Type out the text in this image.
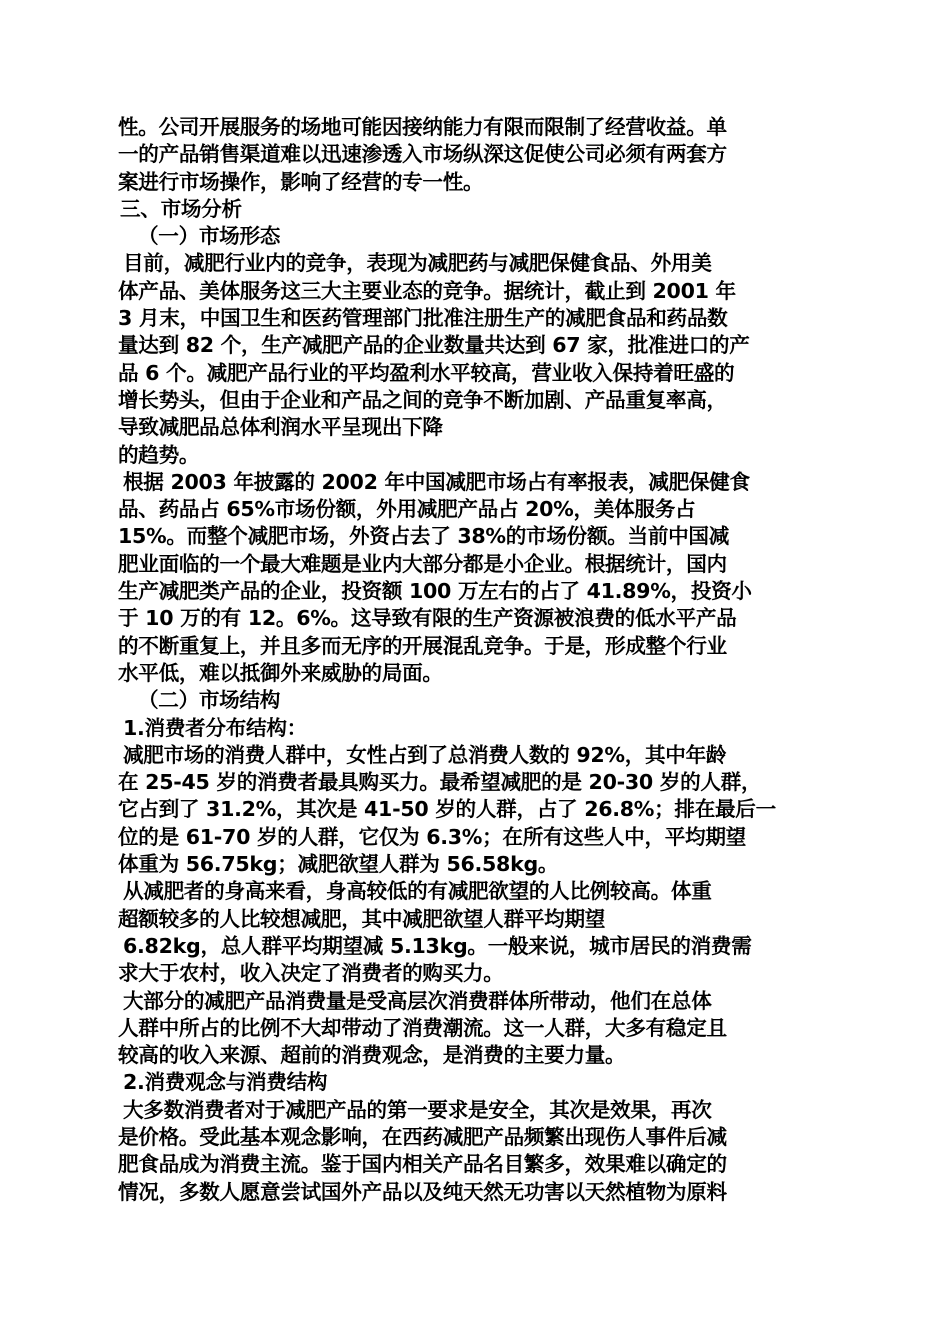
性。公司开展服务的场地可能因接纳能力有限而限制了经营收益。单
一的产品销售渠道难以迅速渗透入市场纵深这促使公司必须有两套方
案进行市场操作，影响了经营的专一性。
三、市场分析
（一）市场形态
目前，减肥行业内的竞争，表现为减肥药与减肥保健食品、外用美
体产品、美体服务这三大主要业态的竞争。据统计，截止到 2001 年
3 月末，中国卫生和医药管理部门批准注册生产的减肥食品和药品数
量达到 82 个，生产减肥产品的企业数量共达到 67 家，批准进口的产
品 6 个。减肥产品行业的平均盈利水平较高，营业收入保持着旺盛的
增长势头，但由于企业和产品之间的竞争不断加剧、产品重复率高，
导致减肥品总体利润水平呈现出下降
的趋势。
根据 2003 年披露的 2002 年中国减肥市场占有率报表，减肥保健食
品、药品占 65%市场份额，外用减肥产品占 20%，美体服务占
15%。而整个减肥市场，外资占去了 38%的市场份额。当前中国减
肥业面临的一个最大难题是业内大部分都是小企业。根据统计，国内
生产减肥类产品的企业，投资额 100 万左右的占了 41.89%，投资小
于 10 万的有 12。6%。这导致有限的生产资源被浪费的低水平产品
的不断重复上，并且多而无序的开展混乱竞争。于是，形成整个行业
水平低，难以抵御外来威胁的局面。
（二）市场结构
1.消费者分布结构：
减肥市场的消费人群中，女性占到了总消费人数的 92%，其中年龄
在 25-45 岁的消费者最具购买力。最希望减肥的是 20-30 岁的人群，
它占到了 31.2%，其次是 41-50 岁的人群，占了 26.8%；排在最后一
位的是 61-70 岁的人群，它仅为 6.3%；在所有这些人中，平均期望
体重为 56.75kg；减肥欲望人群为 56.58kg。
从减肥者的身高来看，身高较低的有减肥欲望的人比例较高。体重
超额较多的人比较想减肥，其中减肥欲望人群平均期望
6.82kg，总人群平均期望减 5.13kg。一般来说，城市居民的消费需
求大于农村，收入决定了消费者的购买力。
大部分的减肥产品消费量是受高层次消费群体所带动，他们在总体
人群中所占的比例不大却带动了消费潮流。这一人群，大多有稳定且
较高的收入来源、超前的消费观念，是消费的主要力量。
2.消费观念与消费结构
大多数消费者对于减肥产品的第一要求是安全，其次是效果，再次
是价格。受此基本观念影响，在西药减肥产品频繁出现伤人事件后减
肥食品成为消费主流。鉴于国内相关产品名目繁多，效果难以确定的
情况，多数人愿意尝试国外产品以及纯天然无功害以天然植物为原料
